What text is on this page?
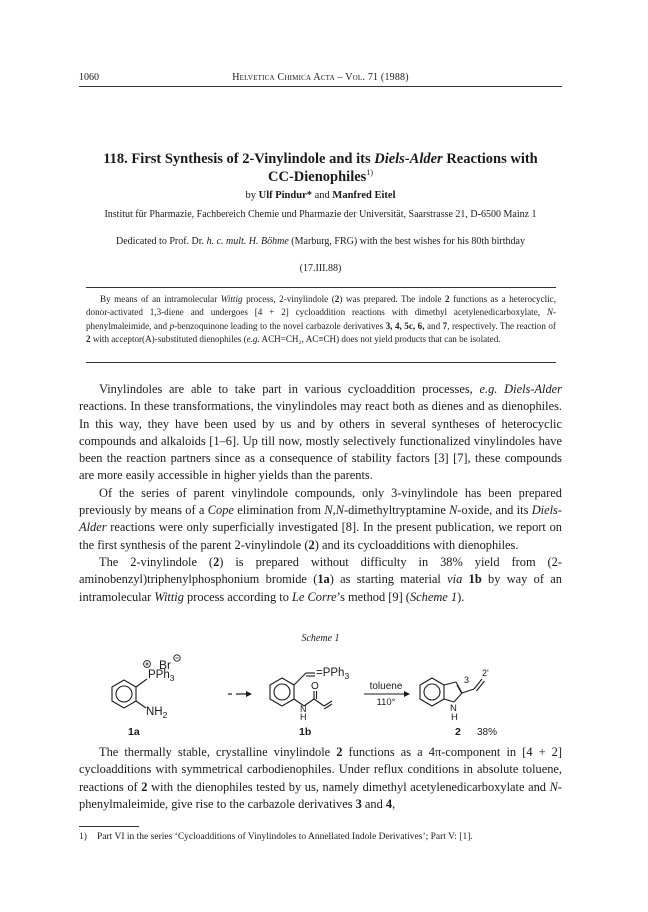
1060	Helvetica Chimica Acta – Vol. 71 (1988)
118. First Synthesis of 2-Vinylindole and its Diels-Alder Reactions with
CC-Dienophiles$^{1)}$
by Ulf Pindur* and Manfred Eitel
Institut für Pharmazie, Fachbereich Chemie und Pharmazie der Universität, Saarstrasse 21, D-6500 Mainz 1
Dedicated to Prof. Dr. h. c. mult. H. Böhme (Marburg, FRG) with the best wishes for his 80th birthday
(17.III.88)
By means of an intramolecular Wittig process, 2-vinylindole (2) was prepared. The indole 2 functions as a heterocyclic, donor-activated 1,3-diene and undergoes [4 + 2] cycloaddition reactions with dimethyl acetylenedicarboxylate, N-phenylmaleimide, and p-benzoquinone leading to the novel carbazole derivatives 3, 4, 5c, 6, and 7, respectively. The reaction of 2 with acceptor(A)-substituted dienophiles (e.g. ACH=CH₂, AC≡CH) does not yield products that can be isolated.

Vinylindoles are able to take part in various cycloaddition processes, e.g. Diels-Alder reactions. In these transformations, the vinylindoles may react both as dienes and as dienophiles. In this way, they have been used by us and by others in several syntheses of heterocyclic compounds and alkaloids [1–6]. Up till now, mostly selectively functionalized vinylindoles have been the reaction partners since as a consequence of stability factors [3] [7], these compounds are more easily accessible in higher yields than the parents.

Of the series of parent vinylindole compounds, only 3-vinylindole has been prepared previously by means of a Cope elimination from N,N-dimethyltryptamine N-oxide, and its Diels-Alder reactions were only superficially investigated [8]. In the present publication, we report on the first synthesis of the parent 2-vinylindole (2) and its cycloadditions with dienophiles.

The 2-vinylindole (2) is prepared without difficulty in 38% yield from (2-aminobenzyl)triphenylphosphonium bromide (1a) as starting material via 1b by way of an intramolecular Wittig process according to Le Corre’s method [9] (Scheme 1).

Scheme 1
Br
PPh$_3$
$NH_2$
=PPh$_3$
O
N
H
toluene
110°
3
2'
N
H
1a	1b	2 38%

The thermally stable, crystalline vinylindole 2 functions as a 4π-component in [4 + 2] cycloadditions with symmetrical carbodienophiles. Under reflux conditions in absolute toluene, reactions of 2 with the dienophiles tested by us, namely dimethyl acetylenedicarboxylate and N-phenylmaleimide, give rise to the carbazole derivatives 3 and 4,

1) Part VI in the series ‘Cycloadditions of Vinylindoles to Annellated Indole Derivatives’; Part V: [1].
